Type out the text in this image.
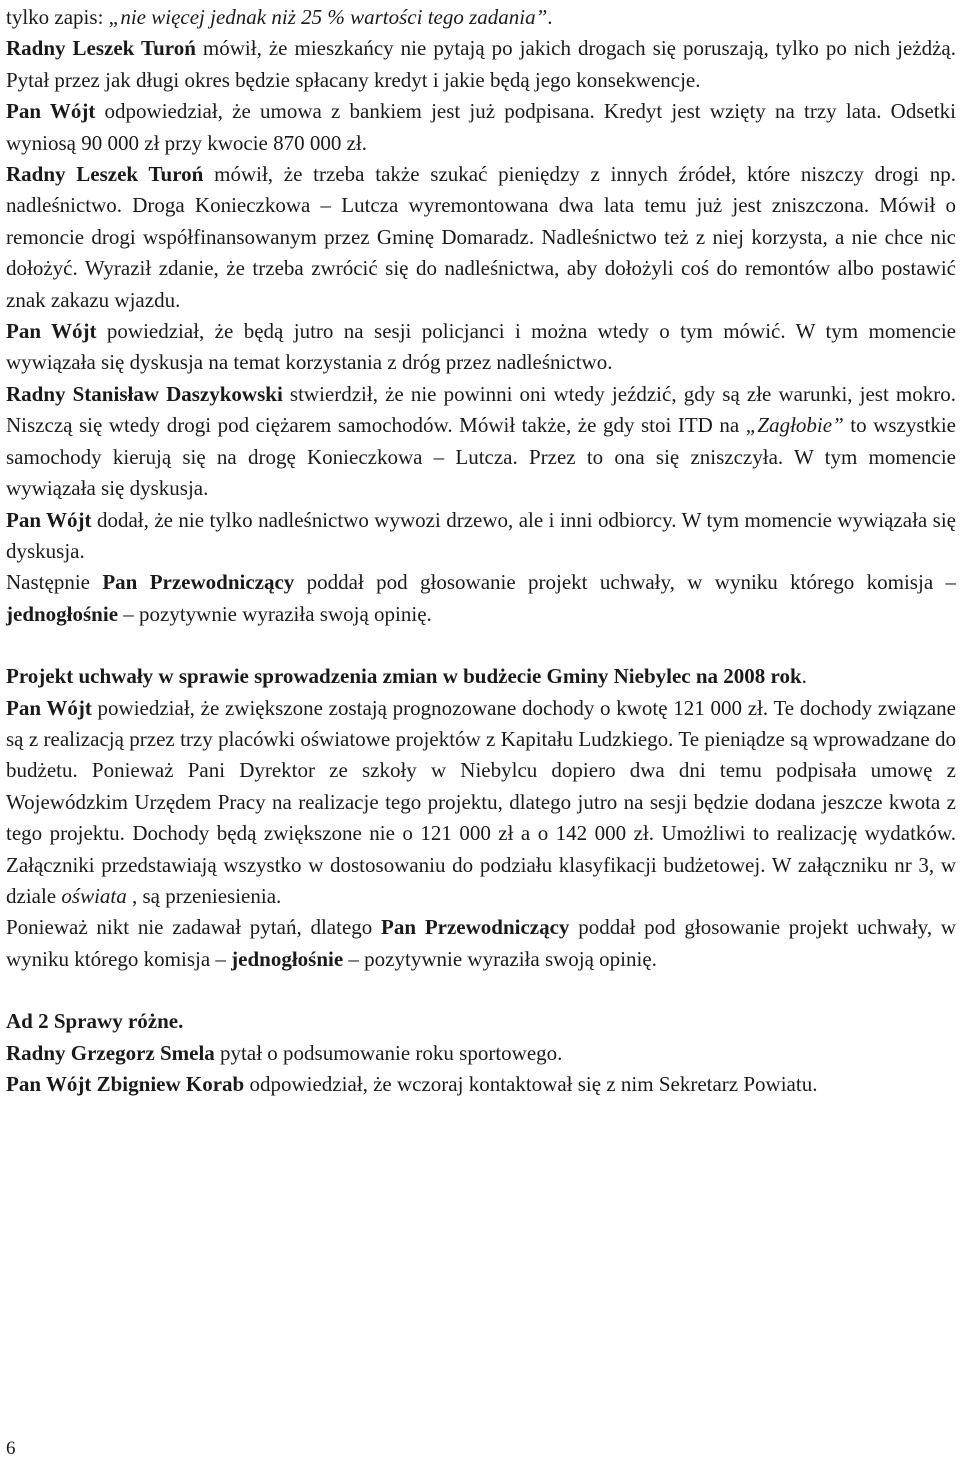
tylko zapis: „nie więcej jednak niż 25 % wartości tego zadania”.

Radny Leszek Turoń mówił, że mieszkańcy nie pytają po jakich drogach się poruszają, tylko po nich jeżdżą. Pytał przez jak długi okres będzie spłacany kredyt i jakie będą jego konsekwencje.

Pan Wójt odpowiedział, że umowa z bankiem jest już podpisana. Kredyt jest wzięty na trzy lata. Odsetki wyniosą 90 000 zł przy kwocie 870 000 zł.

Radny Leszek Turoń mówił, że trzeba także szukać pieniędzy z innych źródeł, które niszczy drogi np. nadleśnictwo. Droga Konieczkowa – Lutcza wyremontowana dwa lata temu już jest zniszczona. Mówił o remoncie drogi współfinansowanym przez Gminę Domaradz. Nadleśnictwo też z niej korzysta, a nie chce nic dołożyć. Wyraził zdanie, że trzeba zwrócić się do nadleśnictwa, aby dołożyli coś do remontów albo postawić znak zakazu wjazdu.

Pan Wójt powiedział, że będą jutro na sesji policjanci i można wtedy o tym mówić. W tym momencie wywiązała się dyskusja na temat korzystania z dróg przez nadleśnictwo.

Radny Stanisław Daszykowski stwierdził, że nie powinni oni wtedy jeździć, gdy są złe warunki, jest mokro. Niszczą się wtedy drogi pod ciężarem samochodów. Mówił także, że gdy stoi ITD na „Zagłobie” to wszystkie samochody kierują się na drogę Konieczkowa – Lutcza. Przez to ona się zniszczyła. W tym momencie wywiązała się dyskusja.

Pan Wójt dodał, że nie tylko nadleśnictwo wywozi drzewo, ale i inni odbiorcy. W tym momencie wywiązała się dyskusja.

Następnie Pan Przewodniczący poddał pod głosowanie projekt uchwały, w wyniku którego komisja – jednogłośnie – pozytywnie wyraziła swoją opinię.

Projekt uchwały w sprawie sprowadzenia zmian w budżecie Gminy Niebylec na 2008 rok.

Pan Wójt powiedział, że zwiększone zostają prognozowane dochody o kwotę 121 000 zł. Te dochody związane są z realizacją przez trzy placówki oświatowe projektów z Kapitału Ludzkiego. Te pieniądze są wprowadzane do budżetu. Ponieważ Pani Dyrektor ze szkoły w Niebylcu dopiero dwa dni temu podpisała umowę z Wojewódzkim Urzędem Pracy na realizacje tego projektu, dlatego jutro na sesji będzie dodana jeszcze kwota z tego projektu. Dochody będą zwiększone nie o 121 000 zł a o 142 000 zł. Umożliwi to realizację wydatków. Załączniki przedstawiają wszystko w dostosowaniu do podziału klasyfikacji budżetowej. W załączniku nr 3, w dziale oświata , są przeniesienia.

Ponieważ nikt nie zadawał pytań, dlatego Pan Przewodniczący poddał pod głosowanie projekt uchwały, w wyniku którego komisja – jednogłośnie – pozytywnie wyraziła swoją opinię.

Ad 2 Sprawy różne.

Radny Grzegorz Smela pytał o podsumowanie roku sportowego.

Pan Wójt Zbigniew Korab odpowiedział, że wczoraj kontaktował się z nim Sekretarz Powiatu.

6
